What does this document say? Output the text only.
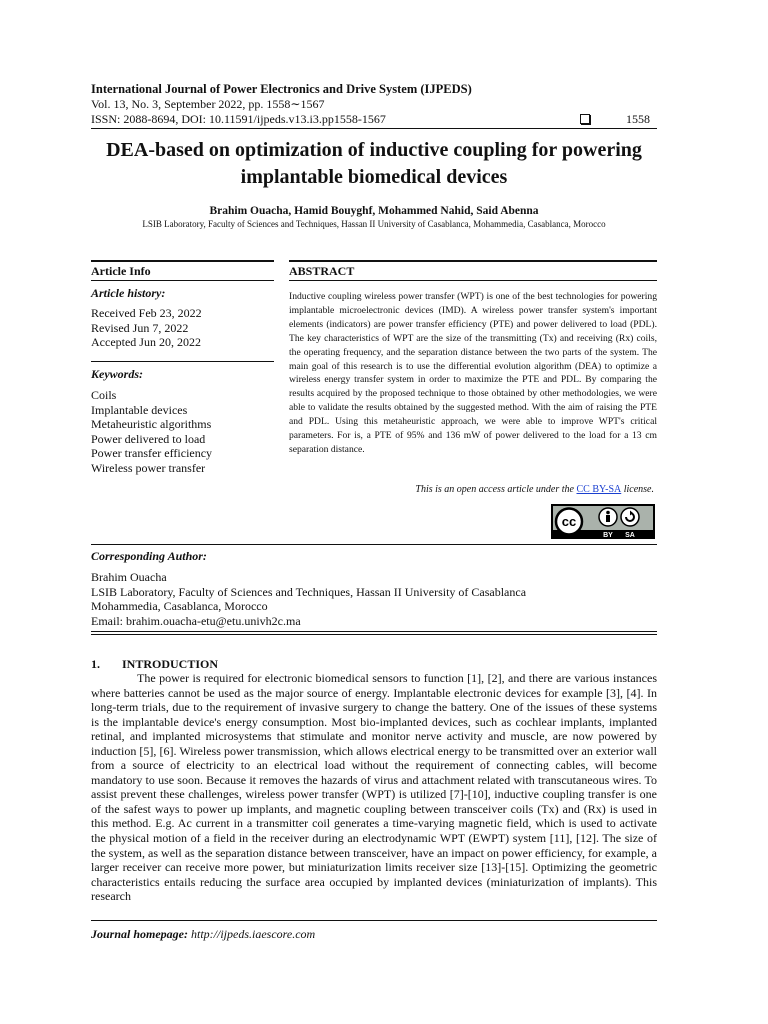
International Journal of Power Electronics and Drive System (IJPEDS)
Vol. 13, No. 3, September 2022, pp. 1558∼1567
ISSN: 2088-8694, DOI: 10.11591/ijpeds.v13.i3.pp1558-1567	1558
DEA-based on optimization of inductive coupling for powering implantable biomedical devices
Brahim Ouacha, Hamid Bouyghf, Mohammed Nahid, Said Abenna
LSIB Laboratory, Faculty of Sciences and Techniques, Hassan II University of Casablanca, Mohammedia, Casablanca, Morocco
Article Info
Article history:
Received Feb 23, 2022
Revised Jun 7, 2022
Accepted Jun 20, 2022
Keywords:
Coils
Implantable devices
Metaheuristic algorithms
Power delivered to load
Power transfer efficiency
Wireless power transfer
ABSTRACT
Inductive coupling wireless power transfer (WPT) is one of the best technologies for powering implantable microelectronic devices (IMD). A wireless power transfer system's important elements (indicators) are power transfer efficiency (PTE) and power delivered to load (PDL). The key characteristics of WPT are the size of the transmitting (Tx) and receiving (Rx) coils, the operating frequency, and the separation distance between the two parts of the system. The main goal of this research is to use the differential evolution algorithm (DEA) to optimize a wireless energy transfer system in order to maximize the PTE and PDL. By comparing the results acquired by the proposed technique to those obtained by other methodologies, we were able to validate the results obtained by the suggested method. With the aim of raising the PTE and PDL. Using this metaheuristic approach, we were able to improve WPT's critical parameters. For is, a PTE of 95% and 136 mW of power delivered to the load for a 13 cm separation distance.
This is an open access article under the CC BY-SA license.
cc
BY SA
Corresponding Author:
Brahim Ouacha
LSIB Laboratory, Faculty of Sciences and Techniques, Hassan II University of Casablanca
Mohammedia, Casablanca, Morocco
Email: brahim.ouacha-etu@etu.univh2c.ma
1. INTRODUCTION
The power is required for electronic biomedical sensors to function [1], [2], and there are various instances where batteries cannot be used as the major source of energy. Implantable electronic devices for example [3], [4]. In long-term trials, due to the requirement of invasive surgery to change the battery. One of the issues of these systems is the implantable device's energy consumption. Most bio-implanted devices, such as cochlear implants, implanted retinal, and implanted microsystems that stimulate and monitor nerve activity and muscle, are now powered by induction [5], [6]. Wireless power transmission, which allows electrical energy to be transmitted over an exterior wall from a source of electricity to an electrical load without the requirement of connecting cables, will become mandatory to use soon. Because it removes the hazards of virus and attachment related with transcutaneous wires. To assist prevent these challenges, wireless power transfer (WPT) is utilized [7]-[10], inductive coupling transfer is one of the safest ways to power up implants, and magnetic coupling between transceiver coils (Tx) and (Rx) is used in this method. E.g. Ac current in a transmitter coil generates a time-varying magnetic field, which is used to activate the physical motion of a field in the receiver during an electrodynamic WPT (EWPT) system [11], [12]. The size of the system, as well as the separation distance between transceiver, have an impact on power efficiency, for example, a larger receiver can receive more power, but miniaturization limits receiver size [13]-[15]. Optimizing the geometric characteristics entails reducing the surface area occupied by implanted devices (miniaturization of implants). This research
Journal homepage: http://ijpeds.iaescore.com
